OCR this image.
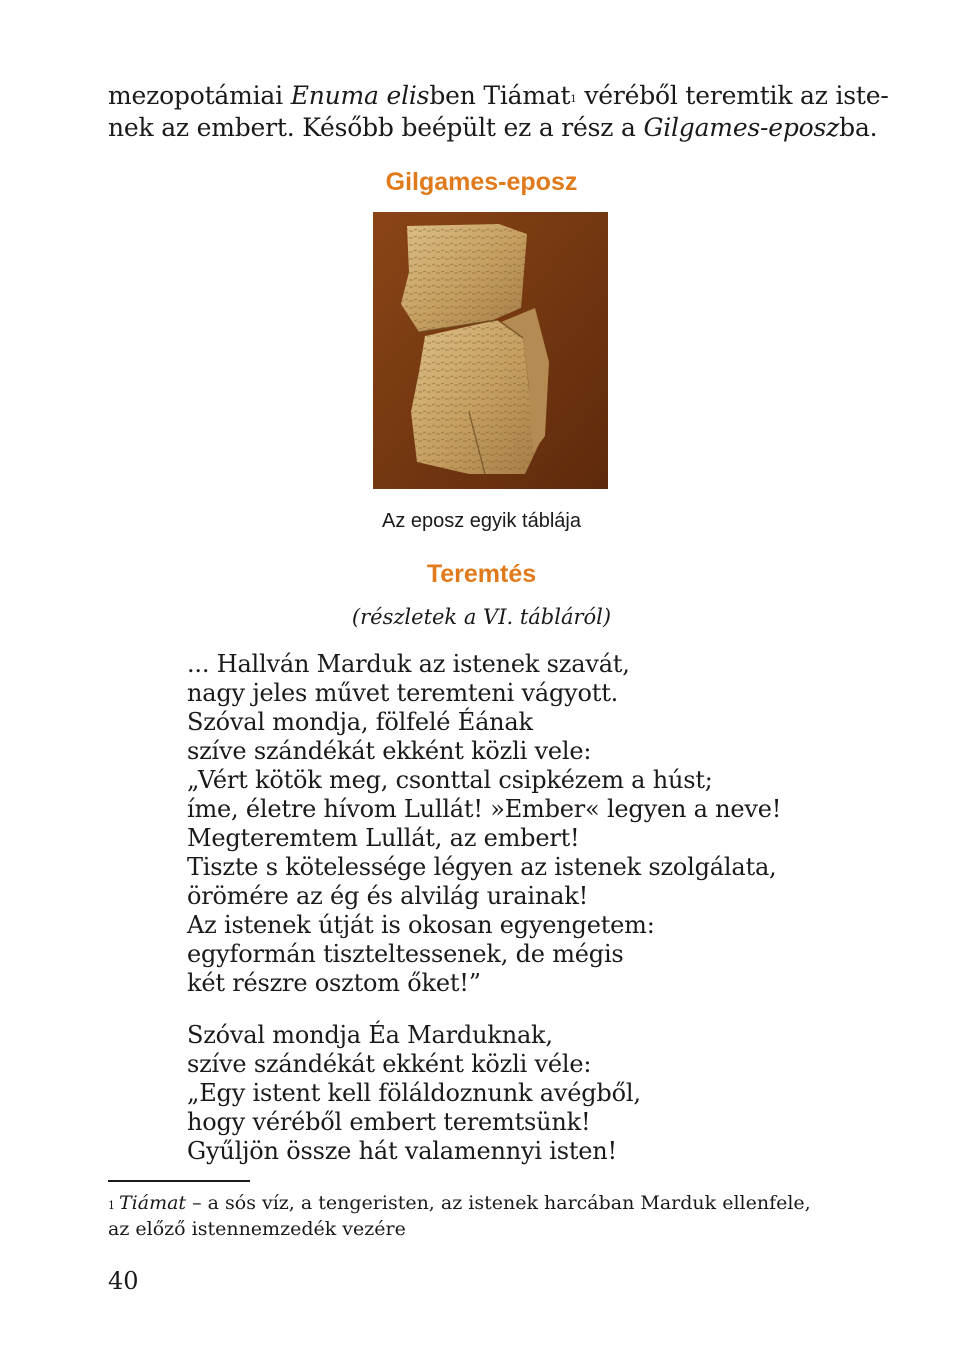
mezopotámiai Enuma elisben Tiámat$^1$ véréből teremtik az iste-
nek az embert. Később beépült ez a rész a Gilgames-eposzba.
Gilgames-eposz
Az eposz egyik táblája
Teremtés
(részletek a VI. tábláról)
... Hallván Marduk az istenek szavát,
nagy jeles művet teremteni vágyott.
Szóval mondja, fölfelé Éának
szíve szándékát ekként közli vele:
„Vért kötök meg, csonttal csipkézem a húst;
íme, életre hívom Lullát! »Ember« legyen a neve!
Megteremtem Lullát, az embert!
Tiszte s kötelessége légyen az istenek szolgálata,
örömére az ég és alvilág urainak!
Az istenek útját is okosan egyengetem:
egyformán tiszteltessenek, de mégis
két részre osztom őket!”
Szóval mondja Éa Marduknak,
szíve szándékát ekként közli véle:
„Egy istent kell föláldoznunk avégből,
hogy véréből embert teremtsünk!
Gyűljön össze hát valamennyi isten!
$^1$ Tiámat – a sós víz, a tengeristen, az istenek harcában Marduk ellenfele,
az előző istennemzedék vezére
40
